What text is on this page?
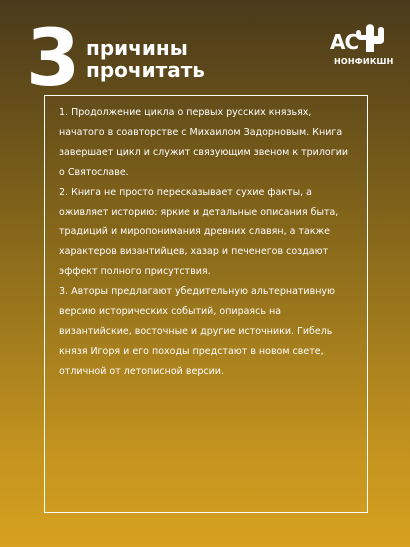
3 причины
прочитать
АС
НОНФИКШН

1. Продолжение цикла о первых русских князьях, начатого в соавторстве с Михаилом Задорновым. Книга завершает цикл и служит связующим звеном к трилогии о Святославе.

2. Книга не просто пересказывает сухие факты, а оживляет историю: яркие и детальные описания быта, традиций и миропонимания древних славян, а также характеров византийцев, хазар и печенегов создают эффект полного присутствия.

3. Авторы предлагают убедительную альтернативную версию исторических событий, опираясь на византийские, восточные и другие источники. Гибель князя Игоря и его походы предстают в новом свете, отличной от летописной версии.
